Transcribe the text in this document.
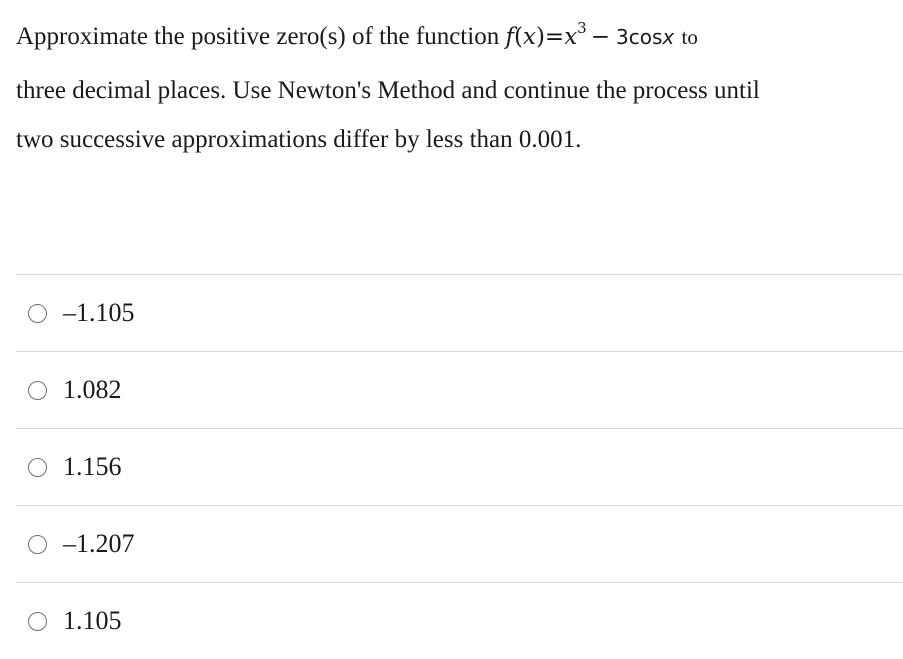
Approximate the positive zero(s) of the function $f(x)=x^3 - 3\cos x$ to
three decimal places. Use Newton's Method and continue the process until
two successive approximations differ by less than 0.001.
–1.105
1.082
1.156
–1.207
1.105
